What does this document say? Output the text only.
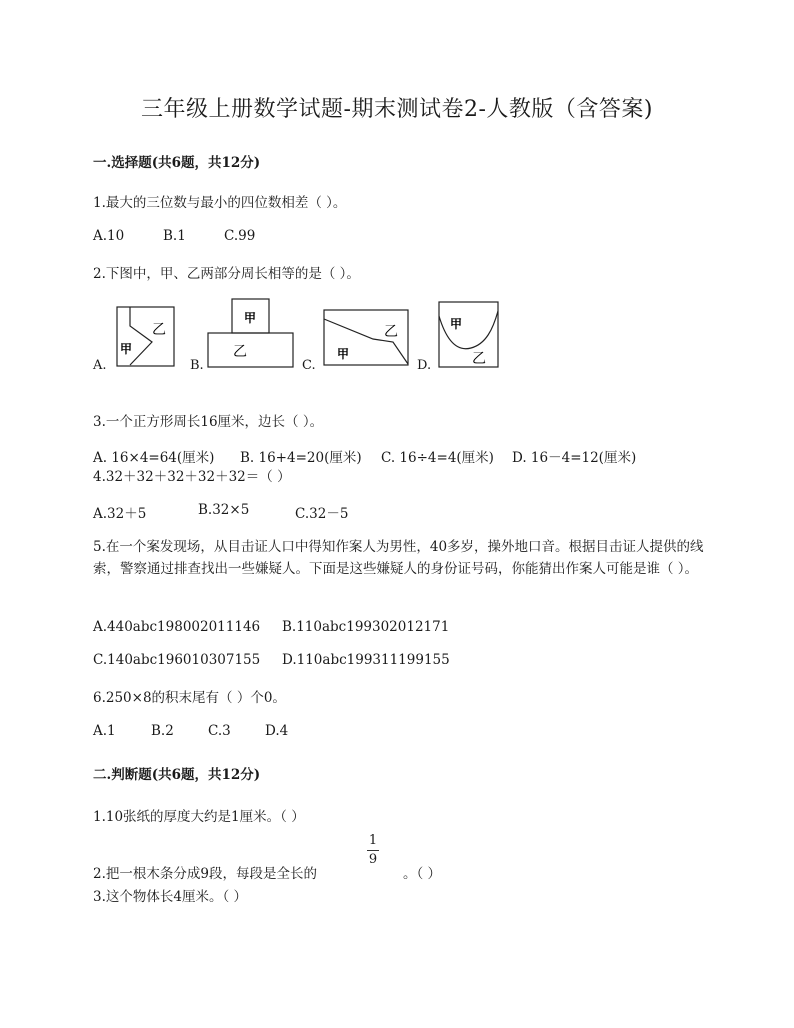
三年级上册数学试题-期末测试卷2-人教版（含答案)
一.选择题(共6题，共12分)
1.最大的三位数与最小的四位数相差（ ）。
A.10	B.1	C.99
2.下图中，甲、乙两部分周长相等的是（ ）。
A.
甲
乙
B.
甲
乙
C.
甲
乙
D.
甲
乙
3.一个正方形周长16厘米，边长（ ）。
A. 16×4=64(厘米) B. 16+4=20(厘米) C. 16÷4=4(厘米) D. 16－4=12(厘米)
4.32＋32＋32＋32＋32＝（ ）
A.32＋5	B.32×5	C.32－5
5.在一个案发现场，从目击证人口中得知作案人为男性，40多岁，操外地口音。根据目击证人提供的线索，警察通过排查找出一些嫌疑人。下面是这些嫌疑人的身份证号码，你能猜出作案人可能是谁（ ）。
A.440abc198002011146 B.110abc199302012171
C.140abc196010307155 D.110abc199311199155
6.250×8的积末尾有（ ）个0。
A.1	B.2	C.3	D.4
二.判断题(共6题，共12分)
1.10张纸的厚度大约是1厘米。（ ）
2.把一根木条分成9段，每段是全长的
1
9
。（ ）
3.这个物体长4厘米。（ ）
